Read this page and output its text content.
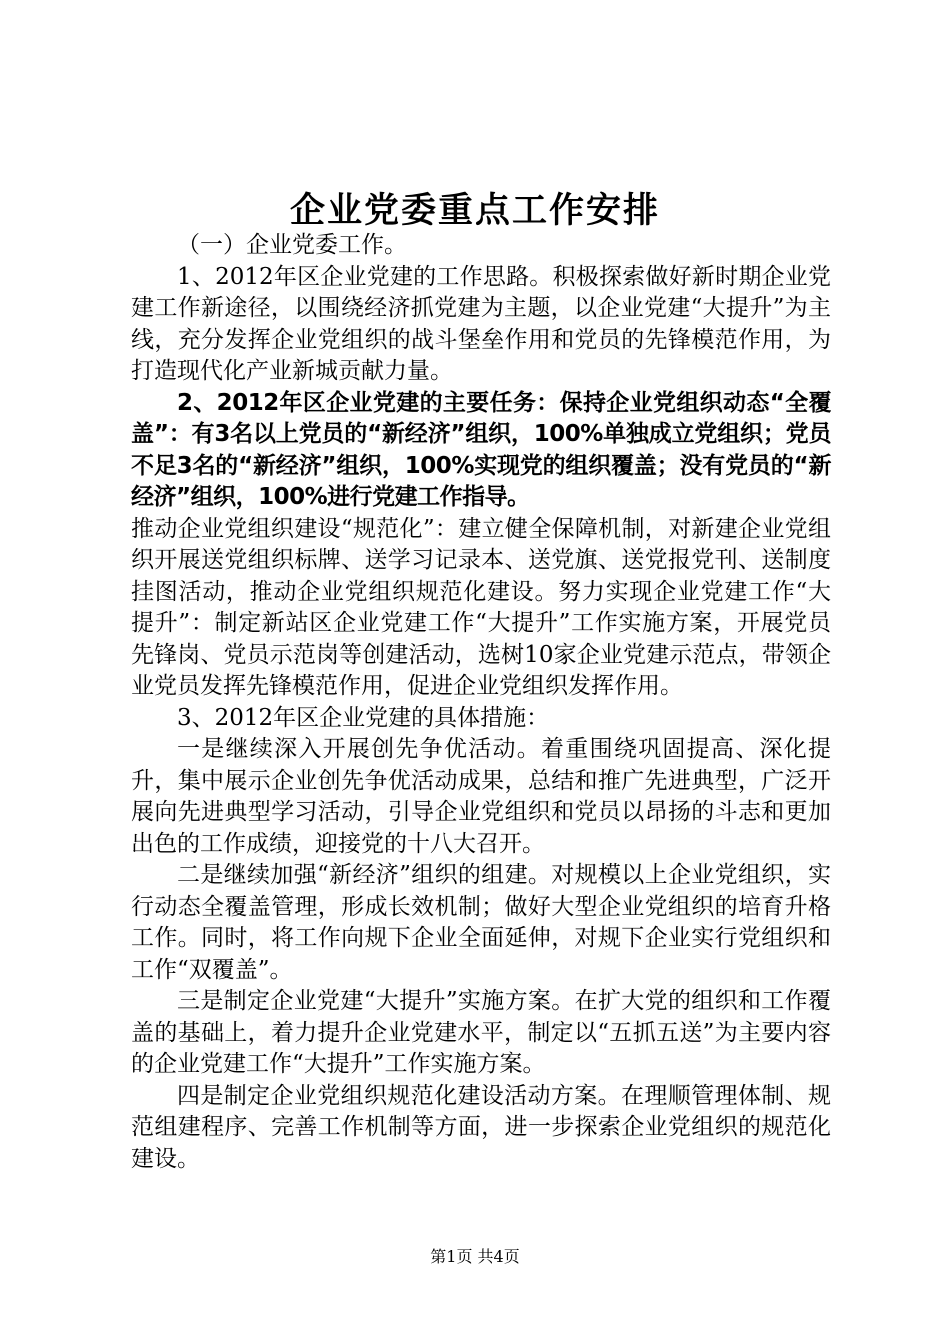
企业党委重点工作安排

（一）企业党委工作。

1、2012年区企业党建的工作思路。积极探索做好新时期企业党建工作新途径，以围绕经济抓党建为主题，以企业党建“大提升”为主线，充分发挥企业党组织的战斗堡垒作用和党员的先锋模范作用，为打造现代化产业新城贡献力量。

2、2012年区企业党建的主要任务：保持企业党组织动态“全覆盖”：有3名以上党员的“新经济”组织，100%单独成立党组织；党员不足3名的“新经济”组织，100%实现党的组织覆盖；没有党员的“新经济”组织，100%进行党建工作指导。

推动企业党组织建设“规范化”：建立健全保障机制，对新建企业党组织开展送党组织标牌、送学习记录本、送党旗、送党报党刊、送制度挂图活动，推动企业党组织规范化建设。努力实现企业党建工作“大提升”：制定新站区企业党建工作“大提升”工作实施方案，开展党员先锋岗、党员示范岗等创建活动，选树10家企业党建示范点，带领企业党员发挥先锋模范作用，促进企业党组织发挥作用。

3、2012年区企业党建的具体措施：

一是继续深入开展创先争优活动。着重围绕巩固提高、深化提升，集中展示企业创先争优活动成果，总结和推广先进典型，广泛开展向先进典型学习活动，引导企业党组织和党员以昂扬的斗志和更加出色的工作成绩，迎接党的十八大召开。

二是继续加强“新经济”组织的组建。对规模以上企业党组织，实行动态全覆盖管理，形成长效机制；做好大型企业党组织的培育升格工作。同时，将工作向规下企业全面延伸，对规下企业实行党组织和工作“双覆盖”。

三是制定企业党建“大提升”实施方案。在扩大党的组织和工作覆盖的基础上，着力提升企业党建水平，制定以“五抓五送”为主要内容的企业党建工作“大提升”工作实施方案。

四是制定企业党组织规范化建设活动方案。在理顺管理体制、规范组建程序、完善工作机制等方面，进一步探索企业党组织的规范化建设。

第1页 共4页
